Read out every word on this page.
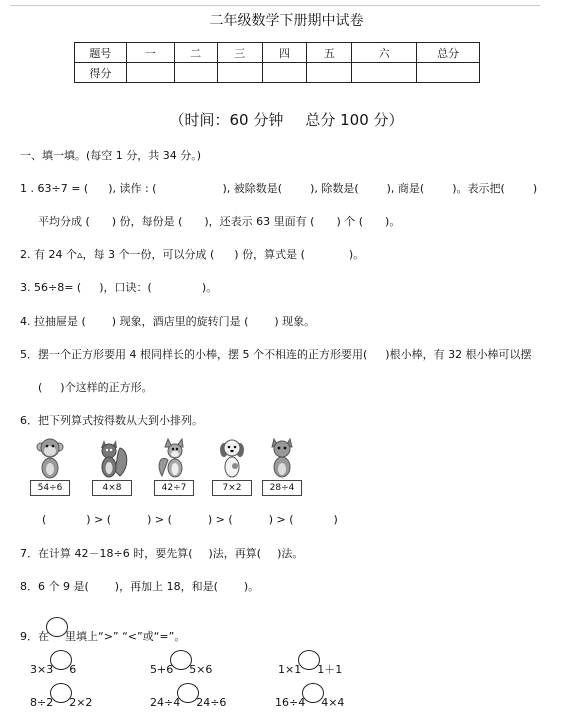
二年级数学下册期中试卷
题号	一	二	三	四	五	六	总分
得分							
（时间：60 分钟 总分 100 分）
一、填一填。(每空 1 分，共 34 分。)
1 . 63÷7 = ( ), 读作 : (	), 被除数是(	), 除数是(	), 商是(	)。表示把(	)
平均分成 ( ) 份，每份是 ( )，还表示 63 里面有 ( ) 个 ( )。
2. 有 24 个▵，每 3 个一份，可以分成 ( ) 份，算式是 (	)。
3. 56÷8= ( )，口诀：(	)。
4. 拉抽屉是 ( ) 现象，酒店里的旋转门是 ( ) 现象。
5．摆一个正方形要用 4 根同样长的小棒，摆 5 个不相连的正方形要用( )根小棒，有 32 根小棒可以摆
( )个这样的正方形。
6．把下列算式按得数从大到小排列。
54÷6	4×8	42÷7	7×2	28÷4
(	) > (	) > (	) > (	) > (	)
7．在计算 42－18÷6 时，要先算( )法，再算( )法。
8．6 个 9 是( )，再加上 18，和是( )。
9．在 里填上“>” “<”或“=”。
3×3 6	5+6 5×6	1×1 1＋1
8÷2 2×2	24÷4 24÷6	16÷4 4×4
